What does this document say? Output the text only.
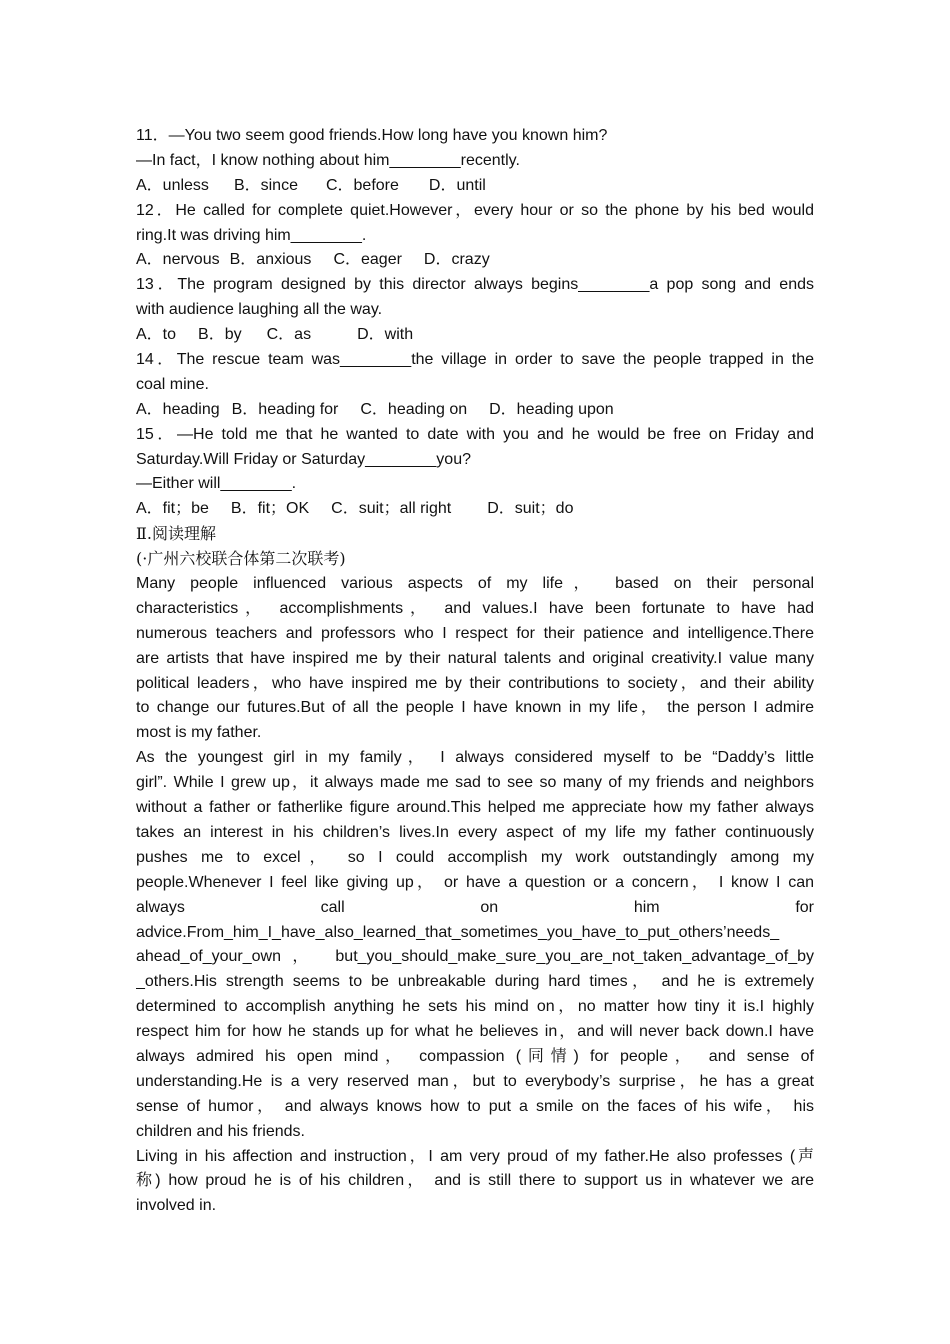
11．—You two seem good friends.How long have you known him?
—In fact，I know nothing about him________recently.
A．unless B．since C．before D．until
12．He called for complete quiet.However，every hour or so the phone by his bed would
ring.It was driving him________.
A．nervous B．anxious C．eager D．crazy
13．The program designed by this director always begins________a pop song and ends
with audience laughing all the way.
A．to B．by C．as	D．with
14．The rescue team was________the village in order to save the people trapped in the
coal mine.
A．heading B．heading for C．heading on D．heading upon
15．—He told me that he wanted to date with you and he would be free on Friday and
Saturday.Will Friday or Saturday________you?
—Either will________.
A．fit；be B．fit；OK C．suit；all right D．suit；do
Ⅱ.阅读理解
(·广州六校联合体第二次联考)
Many people influenced various aspects of my life， based on their personal
characteristics， accomplishments， and values.I have been fortunate to have had
numerous teachers and professors who I respect for their patience and intelligence.There
are artists that have inspired me by their natural talents and original creativity.I value many
political leaders，who have inspired me by their contributions to society，and their ability
to change our futures.But of all the people I have known in my life， the person I admire
most is my father.
As the youngest girl in my family， I always considered myself to be “Daddy’s little
girl”. While I grew up，it always made me sad to see so many of my friends and neighbors
without a father or fatherlike figure around.This helped me appreciate how my father always
takes an interest in his children’s lives.In every aspect of my life my father continuously
pushes me to excel， so I could accomplish my work outstandingly among my
people.Whenever I feel like giving up， or have a question or a concern， I know I can
always call on him for
advice.From_him_I_have_also_learned_that_sometimes_you_have_to_put_others’needs_
ahead_of_your_own， but_you_should_make_sure_you_are_not_taken_advantage_of_by
_others.His strength seems to be unbreakable during hard times， and he is extremely
determined to accomplish anything he sets his mind on，no matter how tiny it is.I highly
respect him for how he stands up for what he believes in，and will never back down.I have
always admired his open mind， compassion (同情) for people， and sense of
understanding.He is a very reserved man，but to everybody’s surprise，he has a great
sense of humor， and always knows how to put a smile on the faces of his wife， his
children and his friends.
Living in his affection and instruction，I am very proud of my father.He also professes (声
称) how proud he is of his children， and is still there to support us in whatever we are
involved in.
